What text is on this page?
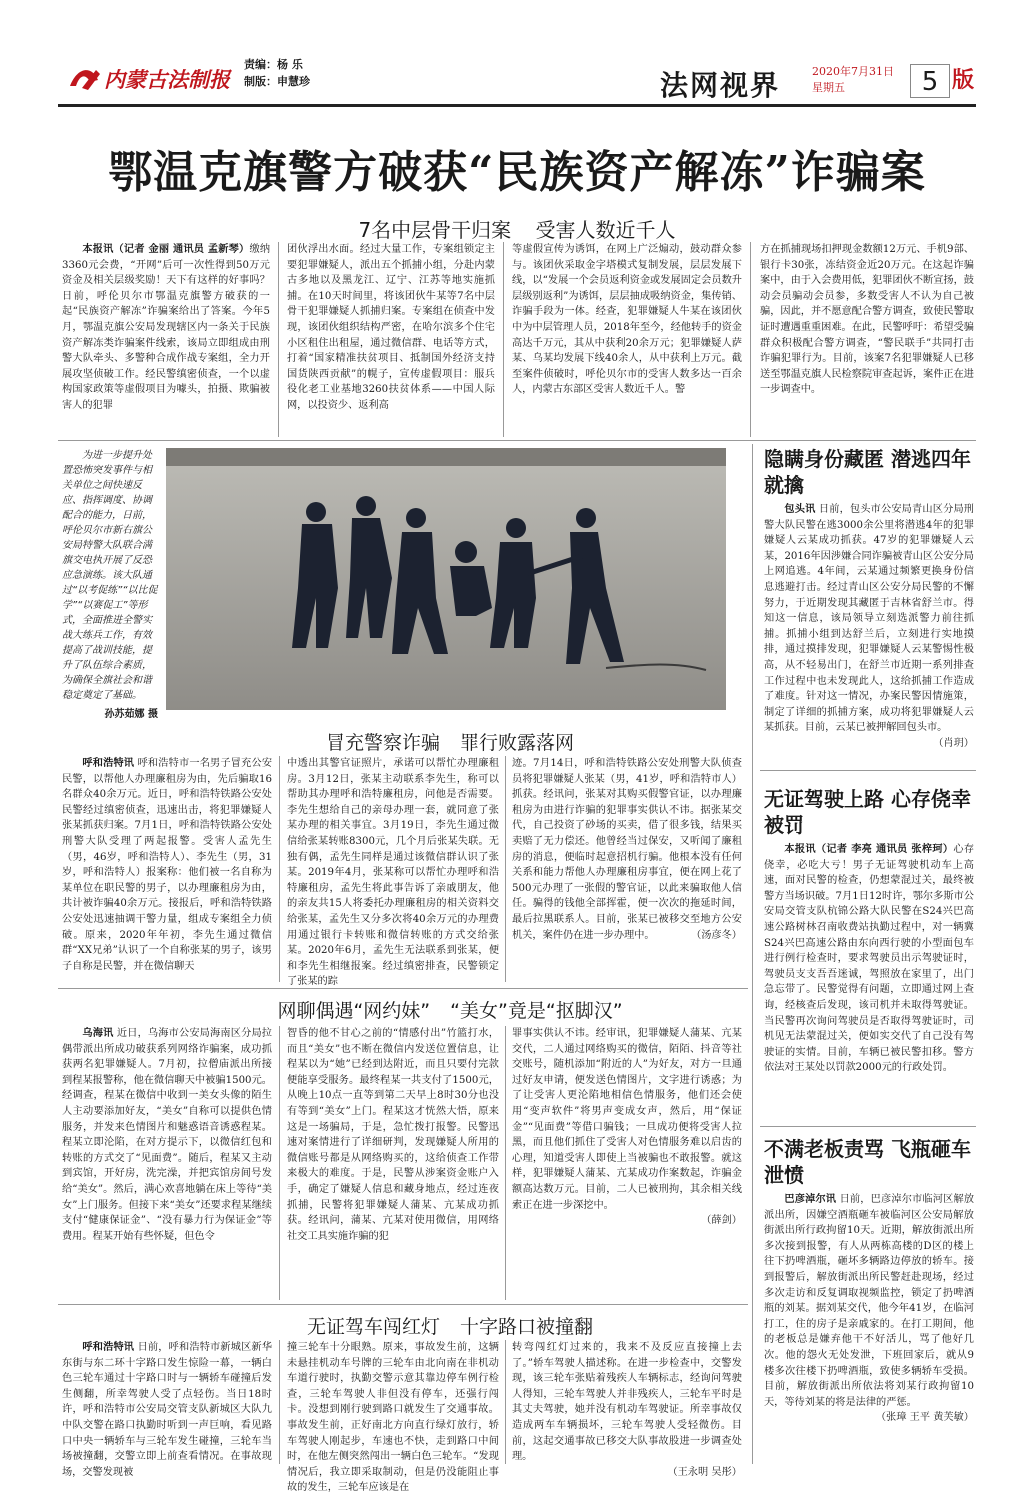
内蒙古法制报
责编：杨 乐
制版：申慧珍	法网视界	2020年7月31日
星期五	5 版
鄂温克旗警方破获“民族资产解冻”诈骗案
7名中层骨干归案 受害人数近千人

本报讯（记者 金丽 通讯员 孟新琴）缴纳3360元会费，“开网”后可一次性得到50万元资金及相关层级奖励！天下有这样的好事吗？日前，呼伦贝尔市鄂温克旗警方破获的一起“民族资产解冻”诈骗案给出了答案。今年5月，鄂温克旗公安局发现辖区内一条关于民族资产解冻类诈骗案件线索，该局立即组成由刑警大队牵头、多警种合成作战专案组，全力开展攻坚侦破工作。经民警缜密侦查，一个以虚构国家政策等虚假项目为噱头，拍摄、欺骗被害人的犯罪

团伙浮出水面。经过大量工作，专案组锁定主要犯罪嫌疑人，派出五个抓捕小组，分赴内蒙古多地以及黑龙江、辽宁、江苏等地实施抓捕。在10天时间里，将该团伙牛某等7名中层骨干犯罪嫌疑人抓捕归案。专案组在侦查中发现，该团伙组织结构严密，在哈尔滨多个住宅小区租住出租屋，通过微信群、电话等方式，打着“国家精准扶贫项目、抵制国外经济支持国货陕西贡献”的幌子，宣传虚假项目：服兵役化老工业基地3260扶贫体系——中国人际网，以投资少、返利高
等虚假宣传为诱饵，在网上广泛煽动，鼓动群众参与。该团伙采取金字塔模式复制发展，层层发展下线，以“发展一个会员返利资金或发展固定会员数升层级别返利”为诱饵，层层抽成吸纳资金，集传销、诈骗手段为一体。经查，犯罪嫌疑人牛某在该团伙中为中层管理人员，2018年至今，经他转手的资金高达千万元，其从中获利20余万元；犯罪嫌疑人萨某、乌某均发展下线40余人，从中获利上万元。截至案件侦破时，呼伦贝尔市的受害人数多达一百余人，内蒙古东部区受害人数近千人。警
方在抓捕现场扣押现金数额12万元、手机9部、银行卡30张，冻结资金近20万元。在这起诈骗案中，由于入会费用低，犯罪团伙不断宣扬，鼓动会员骗动会员参，多数受害人不认为自己被骗，因此，并不愿意配合警方调查，致使民警取证时遭遇重重困难。在此，民警呼吁：希望受骗群众积极配合警方调查，“警民联手”共同打击诈骗犯罪行为。目前，该案7名犯罪嫌疑人已移送至鄂温克旗人民检察院审查起诉，案件正在进一步调查中。

为进一步提升处置恐怖突发事件与相关单位之间快速反应、指挥调度、协调配合的能力，日前，呼伦贝尔市新右旗公安局特警大队联合满旗交电执开展了反恐应急演练。该大队通过“以考促练”“以比促学”“以赛促工”等形式，全面推进全警实战大练兵工作，有效提高了战训技能，提升了队伍综合素质，为确保全旗社会和谐稳定奠定了基础。

孙苏茹娜 摄
冒充警察诈骗 罪行败露落网

呼和浩特讯 呼和浩特市一名男子冒充公安民警，以帮他人办理廉租房为由，先后骗取16名群众40余万元。近日，呼和浩特铁路公安处民警经过缜密侦查，迅速出击，将犯罪嫌疑人张某抓获归案。7月1日，呼和浩特铁路公安处刑警大队受理了两起报警。受害人孟先生（男，46岁，呼和浩特人）、李先生（男，31岁，呼和浩特人）报案称：他们被一名自称为某单位在职民警的男子，以办理廉租房为由，共计被诈骗40余万元。接报后，呼和浩特铁路公安处迅速抽调干警力量，组成专案组全力侦破。原来，2020年年初，李先生通过微信群“XX兄弟”认识了一个自称张某的男子，该男子自称是民警，并在微信聊天

中透出其警官证照片，承诺可以帮忙办理廉租房。3月12日，张某主动联系李先生，称可以帮助其办理呼和浩特廉租房，问他是否需要。李先生想给自己的亲母办理一套，就同意了张某办理的相关事宜。3月19日，李先生通过微信给张某转账8300元，几个月后张某失联。无独有偶，孟先生同样是通过该微信群认识了张某。2019年4月，张某称可以帮忙办理呼和浩特廉租房，孟先生将此事告诉了亲戚朋友，他的亲友共15人将委托办理廉租房的相关资料交给张某，孟先生又分多次将40余万元的办理费用通过银行卡转账和微信转账的方式交给张某。2020年6月，孟先生无法联系到张某，便和李先生相继报案。经过缜密排查，民警锁定了张某的踪
迹。7月14日，呼和浩特铁路公安处刑警大队侦查员将犯罪嫌疑人张某（男，41岁，呼和浩特市人）抓获。经讯问，张某对其购买假警官证，以办理廉租房为由进行诈骗的犯罪事实供认不讳。据张某交代，自己投资了砂场的买卖，借了很多钱，结果买卖赔了无力偿还。他曾经当过保安，又听闻了廉租房的消息，便临时起意招机行骗。他根本没有任何关系和能力帮他人办理廉租房事宜，便在网上花了500元办理了一张假的警官证，以此来骗取他人信任。骗得的钱他全部挥霍，便一次次的拖延时间，最后拉黑联系人。目前，张某已被移交至地方公安机关，案件仍在进一步办理中。	（汤彦冬）
网聊偶遇“网约妹” “美女”竟是“抠脚汉”

乌海讯 近日，乌海市公安局海南区分局拉偶带派出所成功破获系列网络诈骗案，成功抓获两名犯罪嫌疑人。7月初，拉僧庙派出所接到程某报警称，他在微信聊天中被骗1500元。经调查，程某在微信中收到一美女头像的陌生人主动要添加好友，“美女”自称可以提供色情服务，并发来色情图片和魅惑语音诱惑程某。程某立即沦陷，在对方提示下，以微信红包和转账的方式交了“见面费”。随后，程某又主动到宾馆，开好房，洗完澡，并把宾馆房间号发给“美女”。然后，满心欢喜地躺在床上等待“美女”上门服务。但接下来“美女”还要求程某继续支付“健康保证金”、“没有暴力行为保证金”等费用。程某开始有些怀疑，但色令

智昏的他不甘心之前的“情感付出”竹篮打水，而且“美女”也不断在微信内发送位置信息，让程某以为“她”已经到达附近，而且只要付完款便能享受服务。最终程某一共支付了1500元，从晚上10点一直等到第二天早上8时30分也没有等到“美女”上门。程某这才恍然大悟，原来这是一场骗局，于是，急忙拨打报警。民警迅速对案情进行了详细研判，发现嫌疑人所用的微信账号都是从网络购买的，这给侦查工作带来极大的难度。于是，民警从涉案资金账户入手，确定了嫌疑人信息和藏身地点，经过连夜抓捕，民警将犯罪嫌疑人蒲某、亢某成功抓获。经讯问，蒲某、亢某对使用微信，用网络社交工具实施诈骗的犯
罪事实供认不讳。经审讯，犯罪嫌疑人蒲某、亢某交代，二人通过网络购买的微信，陌陌、抖音等社交账号，随机添加“附近的人”为好友，对方一旦通过好友申请，便发送色情图片，文字进行诱惑；为了让受害人更沦陷地相信色情服务，他们还会使用“变声软件”将男声变成女声，然后，用“保证金”“见面费”等借口骗钱；一旦成功便将受害人拉黑，而且他们抓住了受害人对色情服务难以启齿的心理，知道受害人即使上当被骗也不敢报警。就这样，犯罪嫌疑人蒲某、亢某成功作案数起，诈骗金额高达数万元。目前，二人已被刑拘，其余相关线索正在进一步深挖中。
（薛剑）
无证驾车闯红灯 十字路口被撞翻

呼和浩特讯 日前，呼和浩特市新城区新华东街与东二环十字路口发生惊险一幕，一辆白色三轮车通过十字路口时与一辆轿车碰撞后发生侧翻，所幸驾驶人受了点轻伤。当日18时许，呼和浩特市公安局交管支队新城区大队九中队交警在路口执勤时听到一声巨响，看见路口中央一辆轿车与三轮车发生碰撞，三轮车当场被撞翻，交警立即上前查看情况。在事故现场，交警发现被

撞三轮车十分眼熟。原来，事故发生前，这辆未悬挂机动车号牌的三轮车由北向南在非机动车道行驶时，执勤交警示意其靠边停车例行检查，三轮车驾驶人非但没有停车，还强行闯卡。没想到刚行驶到路口就发生了交通事故。事故发生前，正好南北方向直行绿灯放行，轿车驾驶人刚起步，车速也不快，走到路口中间时，在他左侧突然闯出一辆白色三轮车。“发现情况后，我立即采取制动，但是仍没能阻止事故的发生，三轮车应该是在
转弯闯红灯过来的，我来不及反应直接撞上去了。”轿车驾驶人描述称。在进一步检查中，交警发现，该三轮车张贴着残疾人车辆标志，经询问驾驶人得知，三轮车驾驶人并非残疾人，三轮车平时是其丈夫驾驶，她并没有机动车驾驶证。所幸事故仅造成两车车辆损坏，三轮车驾驶人受轻微伤。目前，这起交通事故已移交大队事故股进一步调查处理。
（王永明 吴彤）
隐瞒身份藏匿 潜逃四年就擒

包头讯 日前，包头市公安局青山区分局刑警大队民警在逃3000余公里将潜逃4年的犯罪嫌疑人云某成功抓获。47岁的犯罪嫌疑人云某，2016年因涉嫌合同诈骗被青山区公安分局上网追逃。4年间，云某通过频繁更换身份信息逃避打击。经过青山区公安分局民警的不懈努力，于近期发现其藏匿于吉林省舒兰市。得知这一信息，该局领导立刻选派警力前往抓捕。抓捕小组到达舒兰后，立刻进行实地摸排，通过摸排发现，犯罪嫌疑人云某警惕性极高，从不轻易出门，在舒兰市近期一系列排查工作过程中也未发现此人，这给抓捕工作造成了难度。针对这一情况，办案民警因情施策，制定了详细的抓捕方案，成功将犯罪嫌疑人云某抓获。目前，云某已被押解回包头市。

（肖玥）
无证驾驶上路 心存侥幸被罚

本报讯（记者 李亮 通讯员 张梓珂）心存侥幸，必吃大亏！男子无证驾驶机动车上高速，面对民警的检查，仍想蒙混过关，最终被警方当场识破。7月1日12时许，鄂尔多斯市公安局交管支队杭锦公路大队民警在S24兴巴高速公路树林召南收费站执勤过程中，对一辆冀S24兴巴高速公路由东向西行驶的小型面包车进行例行检查时，要求驾驶员出示驾驶证时，驾驶员支支吾吾迷诚，驾照放在家里了，出门急忘带了。民警觉得有问题，立即通过网上查询，经核查后发现，该司机并未取得驾驶证。当民警再次询问驾驶员是否取得驾驶证时，司机见无法蒙混过关，便如实交代了自己没有驾驶证的实情。目前，车辆已被民警扣移。警方依法对王某处以罚款2000元的行政处罚。

不满老板责骂 飞瓶砸车泄愤

巴彦淖尔讯 日前，巴彦淖尔市临河区解放派出所，因嫌空酒瓶砸车被临河区公安局解放街派出所行政拘留10天。近期，解放街派出所多次接到报警，有人从两栋高楼的D区的楼上往下扔啤酒瓶，砸坏多辆路边停放的轿车。接到报警后，解放街派出所民警赶赴现场，经过多次走访和反复调取视频监控，锁定了扔啤酒瓶的刘某。据刘某交代，他今年41岁，在临河打工，住的房子是亲戚家的。在打工期间，他的老板总是嫌弃他干不好活儿，骂了他好几次。他的怨火无处发泄，下班回家后，就从9楼多次往楼下扔啤酒瓶，致使多辆轿车受损。目前，解放街派出所依法将刘某行政拘留10天，等待刘某的将是法律的严惩。

（张璋 王平 黄芙敏）
